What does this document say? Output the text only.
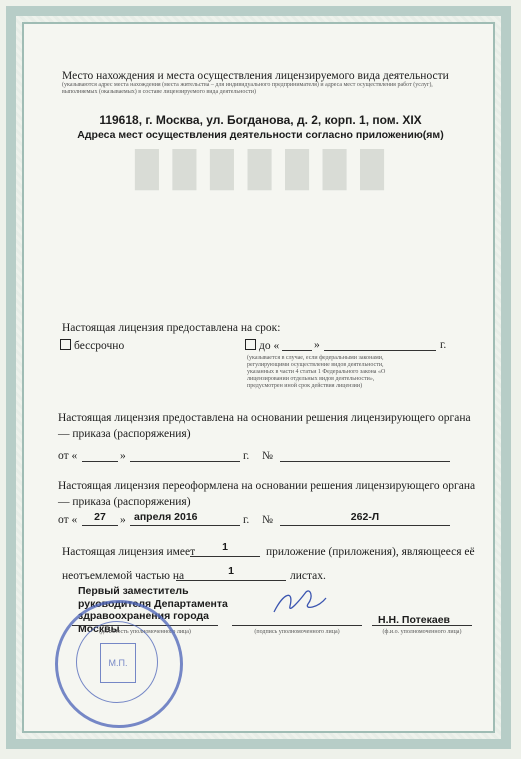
█ █ █ █ █ █ █
Место нахождения и места осуществления лицензируемого вида деятельности
(указываются адрес места нахождения (места жительства – для индивидуального предпринимателя) и адреса мест осуществления работ (услуг), выполняемых (оказываемых) в составе лицензируемого вида деятельности)
119618, г. Москва, ул. Богданова, д. 2, корп. 1, пом. XIX
Адреса мест осуществления деятельности согласно приложению(ям)
Настоящая лицензия предоставлена на срок:
бессрочно	до «	»	г.
(указывается в случае, если федеральными законами, регулирующими осуществление видов деятельности, указанных в части 4 статьи 1 Федерального закона «О лицензировании отдельных видов деятельности», предусмотрен иной срок действия лицензии)
Настоящая лицензия предоставлена на основании решения лицензирующего органа — приказа (распоряжения)
от «	»	г. №
Настоящая лицензия переоформлена на основании решения лицензирующего органа — приказа (распоряжения)
от «	27	» апреля 2016	г. №	262-Л
Настоящая лицензия имеет	1	приложение (приложения), являющееся её
неотъемлемой частью на	1	листах.
Первый заместитель руководителя Департамента здравоохранения города Москвы
(должность уполномоченного лица)	(подпись уполномоченного лица)
Н.Н. Потекаев
(ф.и.о. уполномоченного лица)
М.П.
